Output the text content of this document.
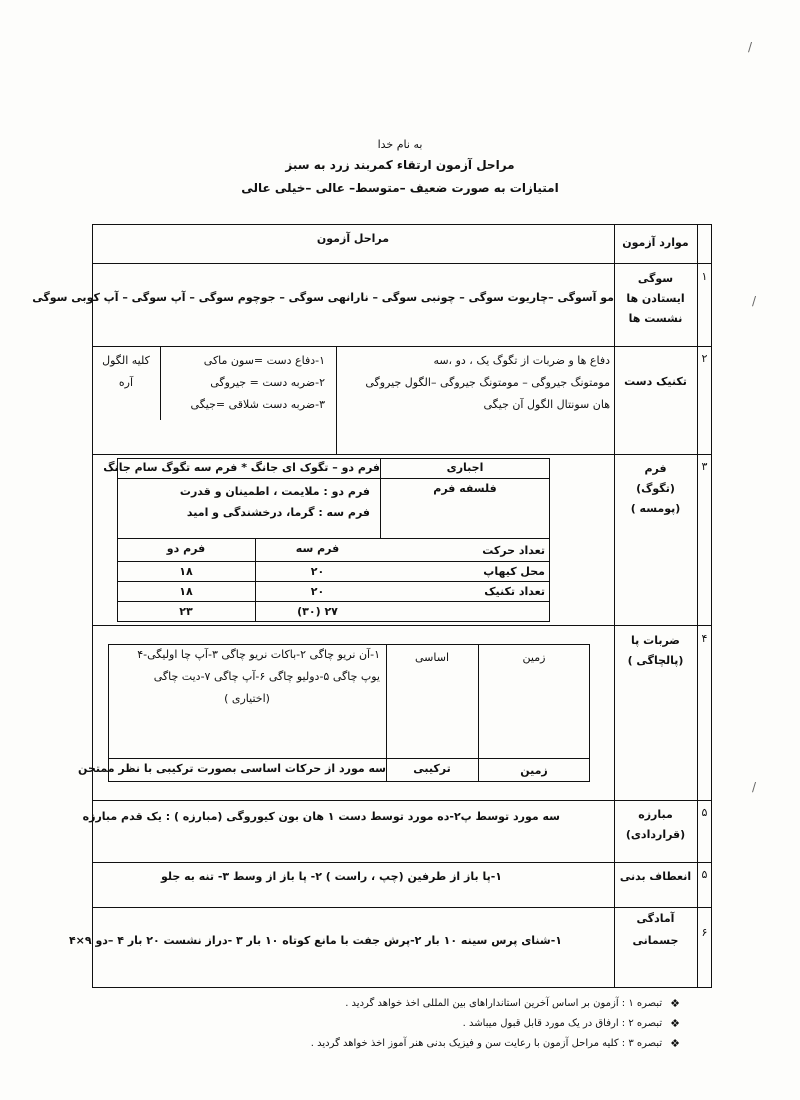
به نام خدا
مراحل آزمون ارتقاء کمربند زرد به سبز
امتیازات به صورت ضعیف –متوسط– عالی –خیلی عالی
موارد آزمون
مراحل آزمون
۱
سوگی
ایستادن ها
نشست ها
مو آسوگی –چاریوت سوگی – چونبی سوگی – نارانهی سوگی – جوچوم سوگی – آپ سوگی – آپ کوبی سوگی
۲
تکنیک دست
دفاع ها و ضربات از تگوگ یک ، دو ،سه
مومتونگ جیروگی – مومتونگ جیروگی –الگول جیروگی
هان سونتال الگول آن جیگی
۱-دفاع دست =سون ماکی
۲-ضربه دست = جیروگی
۳-ضربه دست شلاقی =جیگی
کلیه الگول
آره
۳
فرم
(تگوگ)
(پومسه )
اجباری
فرم دو – تگوک ای جانگ * فرم سه تگوگ سام جانگ
فلسفه فرم
فرم دو : ملایمت ، اطمینان و قدرت
فرم سه : گرما، درخشندگی و امید
فرم سه
فرم دو	تعداد حرکت
محل کیهاپ
۲۰
۱۸
تعداد تکنیک
۲۰
۱۸
۲۷ (۳۰)
۲۳
۴
ضربات پا
(پالچاگی )
زمین
اساسی
۱-آن نریو چاگی ۲-باکات نریو چاگی ۳-آپ چا اولیگی-۴
یوپ چاگی ۵-دولیو چاگی ۶-آپ چاگی ۷-دیت چاگی
(اختیاری )
زمین
ترکیبی
سه مورد از حرکات اساسی بصورت ترکیبی با نظر ممتحن
۵
مبارزه
(قراردادی)
سه مورد توسط پ۲-ده مورد توسط دست ۱ هان بون کیوروگی (مبارزه ) : یک قدم مبارزه
۵
انعطاف بدنی
۱-پا باز از طرفین (چپ ، راست ) ۲- پا باز از وسط ۳- تنه به جلو
۶
آمادگی
جسمانی
۱-شنای پرس سینه ۱۰ بار ۲-پرش جفت با مانع کوتاه ۱۰ بار ۳ -دراز نشست ۲۰ بار ۴ –دو ۹×۴
❖
تبصره ۱ : آزمون بر اساس آخرین استانداراهای بین المللی اخذ خواهد گردید .
❖
تبصره ۲ : ارفاق در یک مورد قابل قبول میباشد .
❖
تبصره ۳ : کلیه مراحل آزمون با رعایت سن و فیزیک بدنی هنر آموز اخذ خواهد گردید .
/
/
/
